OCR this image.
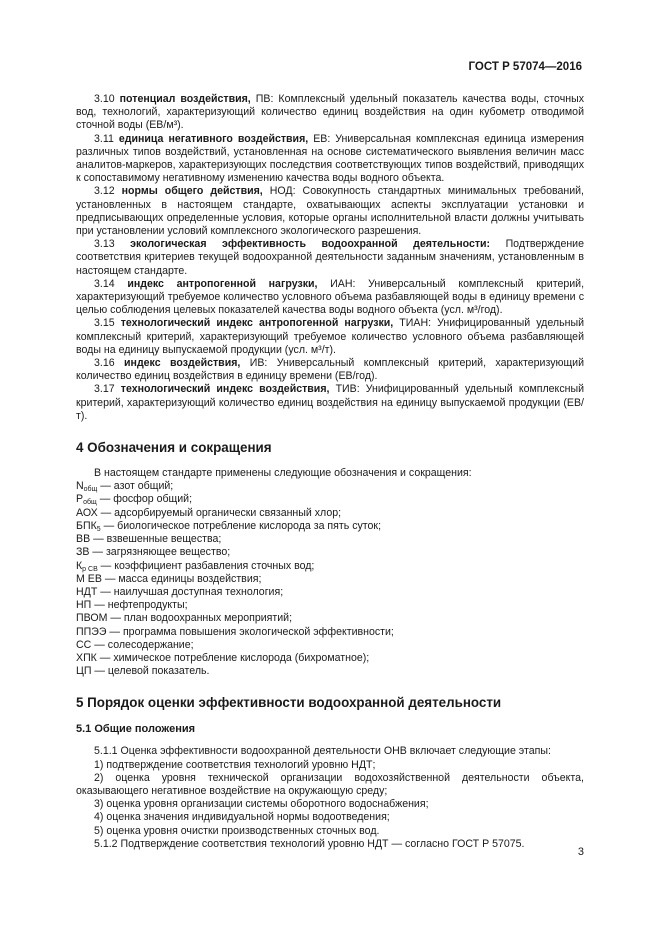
ГОСТ Р 57074—2016

3.10 потенциал воздействия, ПВ: Комплексный удельный показатель качества воды, сточных вод, технологий, характеризующий количество единиц воздействия на один кубометр отводимой сточной воды (ЕВ/м³).

3.11 единица негативного воздействия, ЕВ: Универсальная комплексная единица измерения различных типов воздействий, установленная на основе систематического выявления величин масс аналитов-маркеров, характеризующих последствия соответствующих типов воздействий, приводящих к сопоставимому негативному изменению качества воды водного объекта.

3.12 нормы общего действия, НОД: Совокупность стандартных минимальных требований, установленных в настоящем стандарте, охватывающих аспекты эксплуатации установки и предписывающих определенные условия, которые органы исполнительной власти должны учитывать при установлении условий комплексного экологического разрешения.

3.13 экологическая эффективность водоохранной деятельности: Подтверждение соответствия критериев текущей водоохранной деятельности заданным значениям, установленным в настоящем стандарте.

3.14 индекс антропогенной нагрузки, ИАН: Универсальный комплексный критерий, характеризующий требуемое количество условного объема разбавляющей воды в единицу времени с целью соблюдения целевых показателей качества воды водного объекта (усл. м³/год).

3.15 технологический индекс антропогенной нагрузки, ТИАН: Унифицированный удельный комплексный критерий, характеризующий требуемое количество условного объема разбавляющей воды на единицу выпускаемой продукции (усл. м³/т).

3.16 индекс воздействия, ИВ: Универсальный комплексный критерий, характеризующий количество единиц воздействия в единицу времени (ЕВ/год).

3.17 технологический индекс воздействия, ТИВ: Унифицированный удельный комплексный критерий, характеризующий количество единиц воздействия на единицу выпускаемой продукции (ЕВ/т).

4 Обозначения и сокращения

В настоящем стандарте применены следующие обозначения и сокращения:

$N_{общ}$ — азот общий;
$P_{общ}$ — фосфор общий;
АОХ — адсорбируемый органически связанный хлор;
$БПК_5$ — биологическое потребление кислорода за пять суток;
ВВ — взвешенные вещества;
ЗВ — загрязняющее вещество;
$К_{р СВ}$ — коэффициент разбавления сточных вод;
М ЕВ — масса единицы воздействия;
НДТ — наилучшая доступная технология;
НП — нефтепродукты;
ПВОМ — план водоохранных мероприятий;
ППЭЭ — программа повышения экологической эффективности;
СС — солесодержание;
ХПК — химическое потребление кислорода (бихроматное);
ЦП — целевой показатель.
5 Порядок оценки эффективности водоохранной деятельности
5.1 Общие положения

5.1.1 Оценка эффективности водоохранной деятельности ОНВ включает следующие этапы:

1) подтверждение соответствия технологий уровню НДТ;

2) оценка уровня технической организации водохозяйственной деятельности объекта, оказывающего негативное воздействие на окружающую среду;

3) оценка уровня организации системы оборотного водоснабжения;

4) оценка значения индивидуальной нормы водоотведения;

5) оценка уровня очистки производственных сточных вод.

5.1.2 Подтверждение соответствия технологий уровню НДТ — согласно ГОСТ Р 57075.

3
